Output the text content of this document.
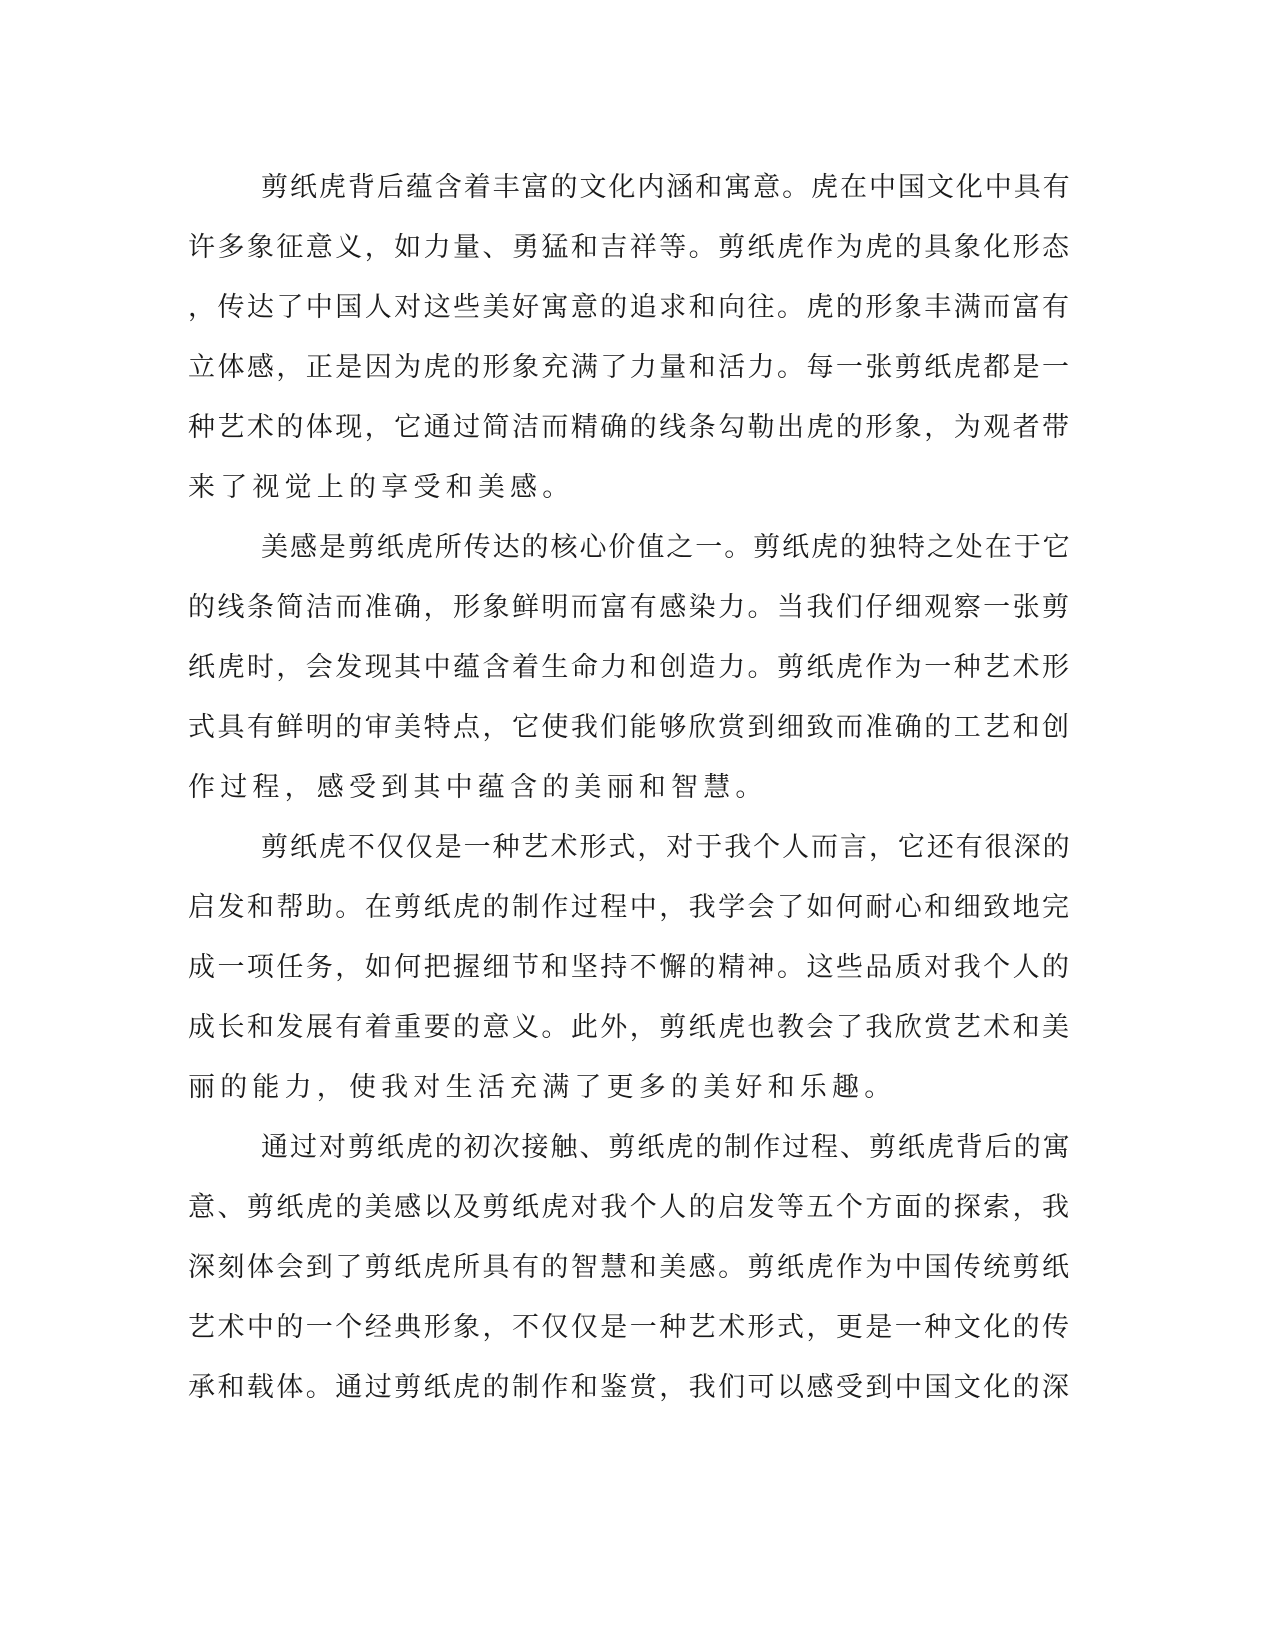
剪纸虎背后蕴含着丰富的文化内涵和寓意。虎在中国文化中具有
许多象征意义，如力量、勇猛和吉祥等。剪纸虎作为虎的具象化形态
，传达了中国人对这些美好寓意的追求和向往。虎的形象丰满而富有
立体感，正是因为虎的形象充满了力量和活力。每一张剪纸虎都是一
种艺术的体现，它通过简洁而精确的线条勾勒出虎的形象，为观者带
来了视觉上的享受和美感。
美感是剪纸虎所传达的核心价值之一。剪纸虎的独特之处在于它
的线条简洁而准确，形象鲜明而富有感染力。当我们仔细观察一张剪
纸虎时，会发现其中蕴含着生命力和创造力。剪纸虎作为一种艺术形
式具有鲜明的审美特点，它使我们能够欣赏到细致而准确的工艺和创
作过程，感受到其中蕴含的美丽和智慧。
剪纸虎不仅仅是一种艺术形式，对于我个人而言，它还有很深的
启发和帮助。在剪纸虎的制作过程中，我学会了如何耐心和细致地完
成一项任务，如何把握细节和坚持不懈的精神。这些品质对我个人的
成长和发展有着重要的意义。此外，剪纸虎也教会了我欣赏艺术和美
丽的能力，使我对生活充满了更多的美好和乐趣。
通过对剪纸虎的初次接触、剪纸虎的制作过程、剪纸虎背后的寓
意、剪纸虎的美感以及剪纸虎对我个人的启发等五个方面的探索，我
深刻体会到了剪纸虎所具有的智慧和美感。剪纸虎作为中国传统剪纸
艺术中的一个经典形象，不仅仅是一种艺术形式，更是一种文化的传
承和载体。通过剪纸虎的制作和鉴赏，我们可以感受到中国文化的深
